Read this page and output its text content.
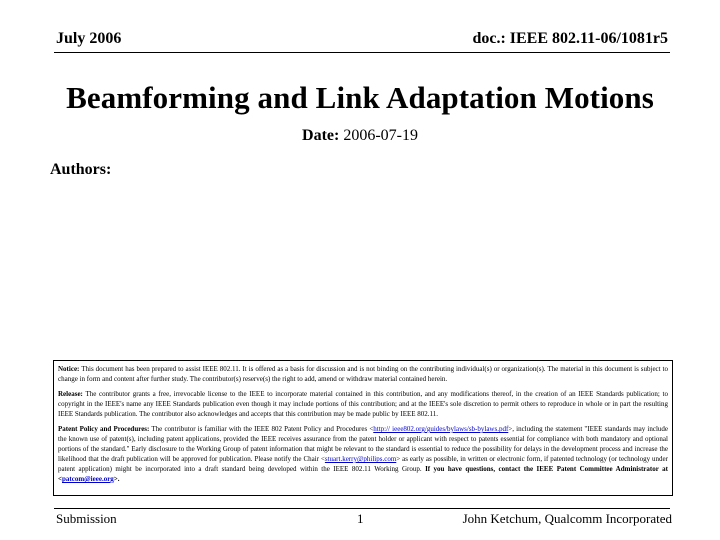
July 2006	doc.: IEEE 802.11-06/1081r5
Beamforming and Link Adaptation Motions
Date: 2006-07-19
Authors:

Notice: This document has been prepared to assist IEEE 802.11. It is offered as a basis for discussion and is not binding on the contributing individual(s) or organization(s). The material in this document is subject to change in form and content after further study. The contributor(s) reserve(s) the right to add, amend or withdraw material contained herein.

Release: The contributor grants a free, irrevocable license to the IEEE to incorporate material contained in this contribution, and any modifications thereof, in the creation of an IEEE Standards publication; to copyright in the IEEE's name any IEEE Standards publication even though it may include portions of this contribution; and at the IEEE's sole discretion to permit others to reproduce in whole or in part the resulting IEEE Standards publication. The contributor also acknowledges and accepts that this contribution may be made public by IEEE 802.11.

Patent Policy and Procedures: The contributor is familiar with the IEEE 802 Patent Policy and Procedures <http:// ieee802.org/guides/bylaws/sb-bylaws.pdf>, including the statement "IEEE standards may include the known use of patent(s), including patent applications, provided the IEEE receives assurance from the patent holder or applicant with respect to patents essential for compliance with both mandatory and optional portions of the standard." Early disclosure to the Working Group of patent information that might be relevant to the standard is essential to reduce the possibility for delays in the development process and increase the likelihood that the draft publication will be approved for publication. Please notify the Chair <stuart.kerry@philips.com> as early as possible, in written or electronic form, if patented technology (or technology under patent application) might be incorporated into a draft standard being developed within the IEEE 802.11 Working Group. If you have questions, contact the IEEE Patent Committee Administrator at <patcom@ieee.org>.

Submission	1	John Ketchum, Qualcomm Incorporated
